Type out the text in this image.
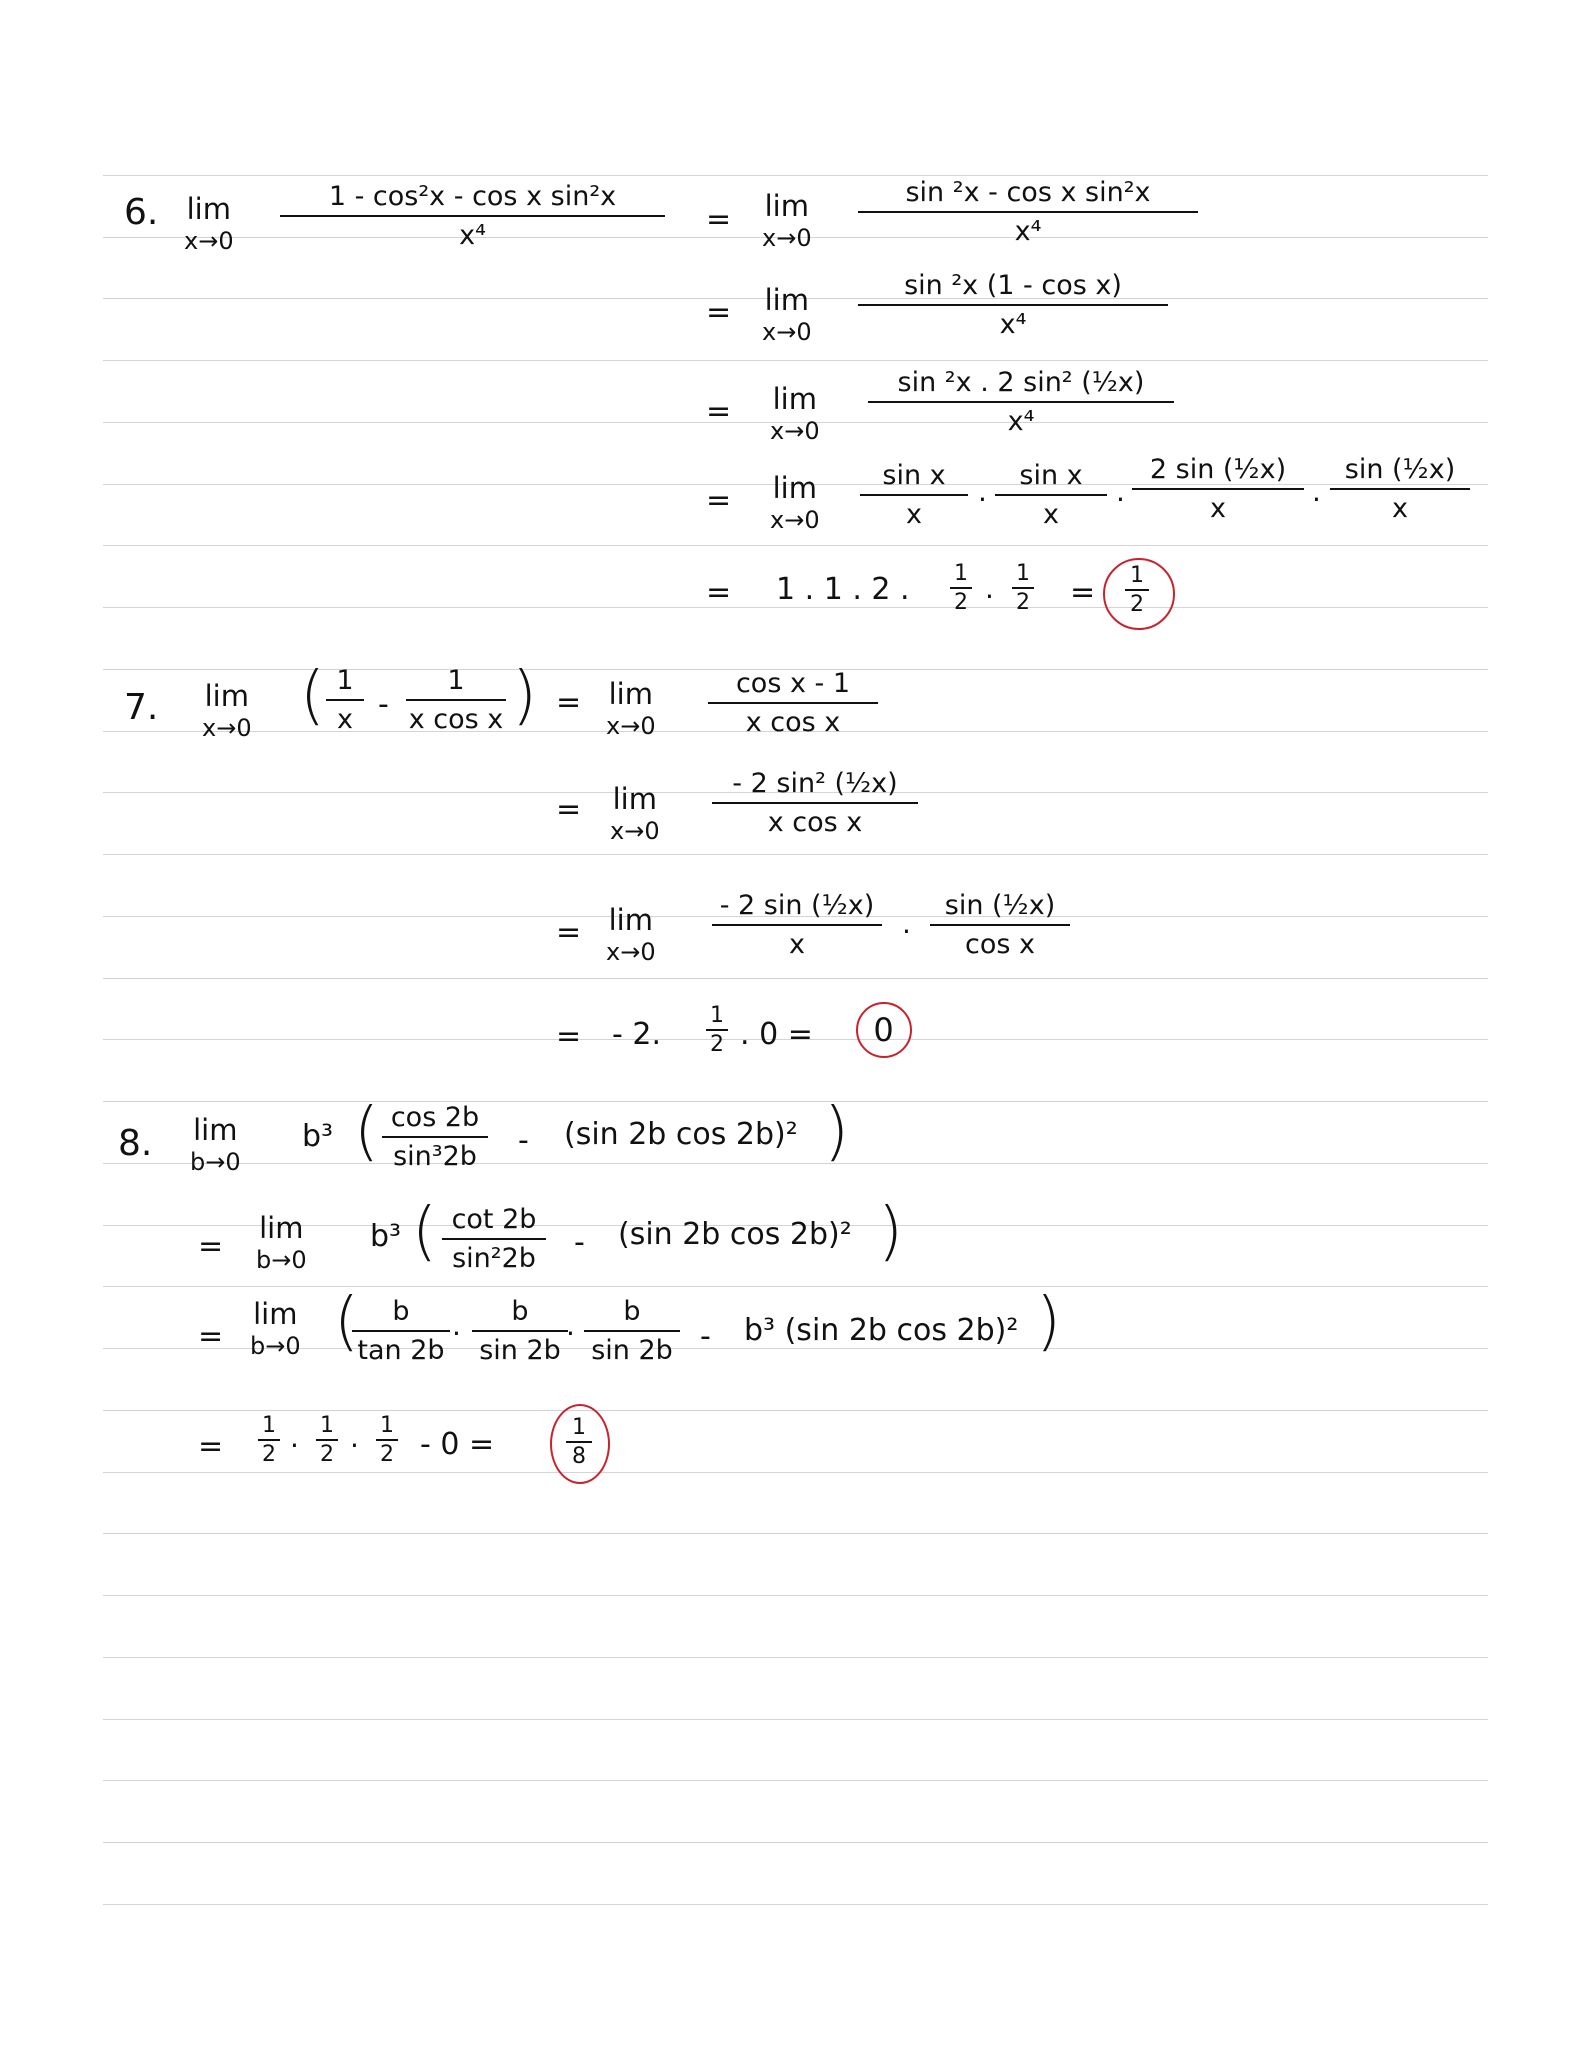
6. lim
x→0
1 - cos²x - cos x sin²x
x⁴	= lim
x→0
sin ²x - cos x sin²x
x⁴
= lim
x→0
sin ²x (1 - cos x)
x⁴
= lim
x→0
sin ²x . 2 sin² (½x)
x⁴
= lim
x→0
sin x
x
. sin x
x
.
2 sin (½x)
x
.
sin (½x)
x
= 1 . 1 . 2 . 1
2 . 1
2 = 1
2
7. lim
x→0 ( 1
x -
1
x cos x ) = lim
x→0
cos x - 1
x cos x
= lim
x→0
- 2 sin² (½x)
x cos x
= lim
x→0
- 2 sin (½x)
x
.
sin (½x)
cos x
= - 2.
1
2 . 0 = 0
8. lim
b→0
b³ ( cos 2b
sin³2b - (sin 2b cos 2b)² )
=
lim
b→0
b³ ( cot 2b
sin²2b - (sin 2b cos 2b)² )
=
lim
b→0 ( b
tan 2b
. b
sin 2b
. b
sin 2b - b³ (sin 2b cos 2b)² )
=
1
2
. 1
2
. 1
2 - 0 =	1
8
